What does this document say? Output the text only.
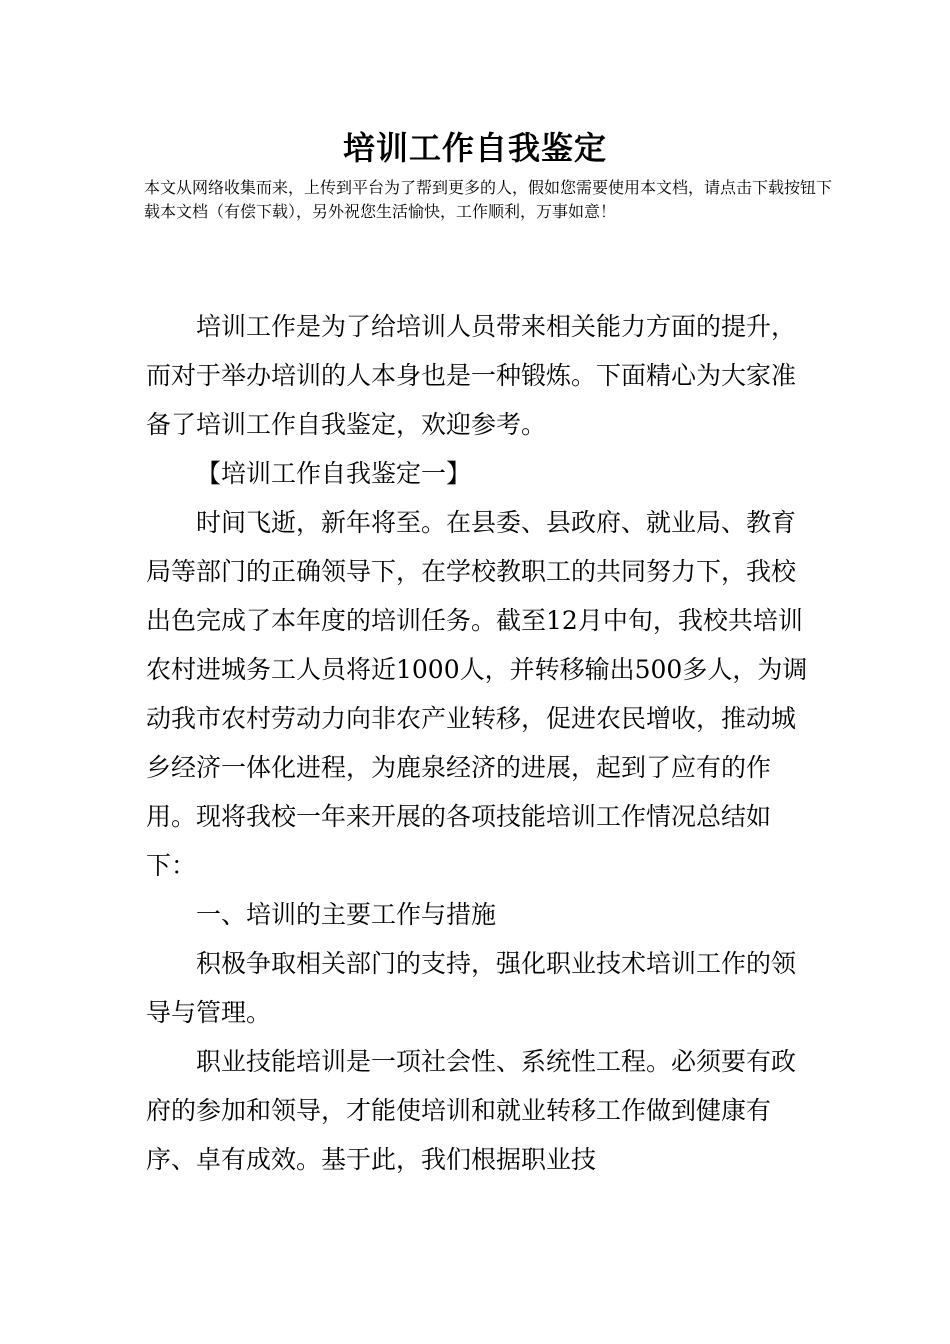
培训工作自我鉴定
本文从网络收集而来，上传到平台为了帮到更多的人，假如您需要使用本文档，请点击下载按钮下载本文档（有偿下载），另外祝您生活愉快，工作顺利，万事如意！

培训工作是为了给培训人员带来相关能力方面的提升，而对于举办培训的人本身也是一种锻炼。下面精心为大家准备了培训工作自我鉴定，欢迎参考。

【培训工作自我鉴定一】

时间飞逝，新年将至。在县委、县政府、就业局、教育局等部门的正确领导下，在学校教职工的共同努力下，我校出色完成了本年度的培训任务。截至12月中旬，我校共培训农村进城务工人员将近1000人，并转移输出500多人，为调动我市农村劳动力向非农产业转移，促进农民增收，推动城乡经济一体化进程，为鹿泉经济的进展，起到了应有的作用。现将我校一年来开展的各项技能培训工作情况总结如下：

一、培训的主要工作与措施

积极争取相关部门的支持，强化职业技术培训工作的领导与管理。

职业技能培训是一项社会性、系统性工程。必须要有政府的参加和领导，才能使培训和就业转移工作做到健康有序、卓有成效。基于此，我们根据职业技
